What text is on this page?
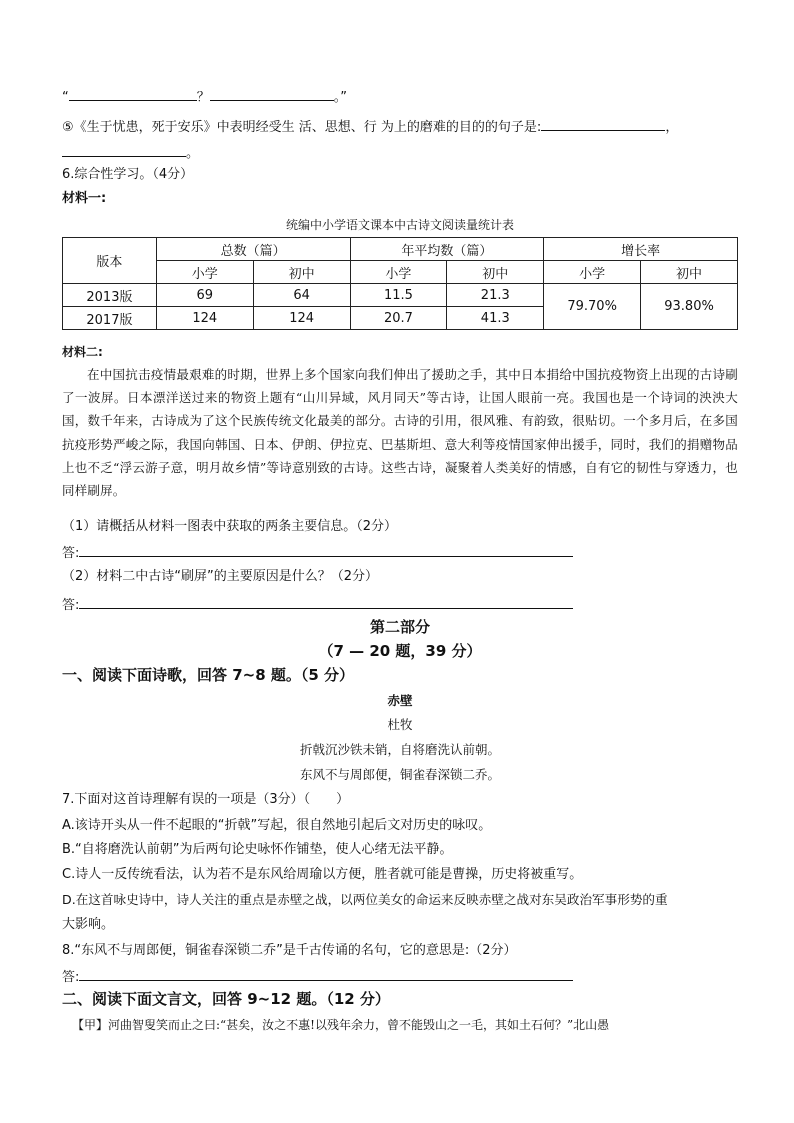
“	？	。”
⑤《生于忧患，死于安乐》中表明经受生 活、思想、行 为上的磨难的目的的句子是:	，
。
6.综合性学习。（4分）
材料一:
统编中小学语文课本中古诗文阅读量统计表
版本	总数（篇）		年平均数（篇）		增长率	
	小学	初中	小学	初中	小学	初中
2013版	69	64	11.5	21.3	79.70%	93.80%
2017版	124	124	20.7	41.3		
材料二:
在中国抗击疫情最艰难的时期，世界上多个国家向我们伸出了援助之手，其中日本捐给中国抗疫物资上出现的古诗刷了一波屏。日本漂洋送过来的物资上题有“山川异域，风月同天”等古诗，让国人眼前一亮。我国也是一个诗词的泱泱大国，数千年来，古诗成为了这个民族传统文化最美的部分。古诗的引用，很风雅、有韵致，很贴切。一个多月后，在多国抗疫形势严峻之际，我国向韩国、日本、伊朗、伊拉克、巴基斯坦、意大利等疫情国家伸出援手，同时，我们的捐赠物品上也不乏“浮云游子意，明月故乡情”等诗意别致的古诗。这些古诗，凝聚着人类美好的情感，自有它的韧性与穿透力，也同样刷屏。
（1）请概括从材料一图表中获取的两条主要信息。（2分）
答:
（2）材料二中古诗“刷屏”的主要原因是什么？（2分）
答:
第二部分
（7 — 20 题，39 分）
一、阅读下面诗歌，回答 7~8 题。（5 分）
赤壁
杜牧
折戟沉沙铁未销，自将磨洗认前朝。
东风不与周郎便，铜雀春深锁二乔。
7.下面对这首诗理解有误的一项是（3分）（　　）
A.该诗开头从一件不起眼的“折戟”写起，很自然地引起后文对历史的咏叹。
B.“自将磨洗认前朝”为后两句论史咏怀作铺垫，使人心绪无法平静。
C.诗人一反传统看法，认为若不是东风给周瑜以方便，胜者就可能是曹操，历史将被重写。
D.在这首咏史诗中，诗人关注的重点是赤壁之战，以两位美女的命运来反映赤壁之战对东吴政治军事形势的重
大影响。
8.“东风不与周郎便，铜雀春深锁二乔”是千古传诵的名句，它的意思是:（2分）
答:
二、阅读下面文言文，回答 9~12 题。（12 分）
【甲】河曲智叟笑而止之曰:“甚矣，汝之不惠!以残年余力，曾不能毁山之一毛，其如土石何？”北山愚
